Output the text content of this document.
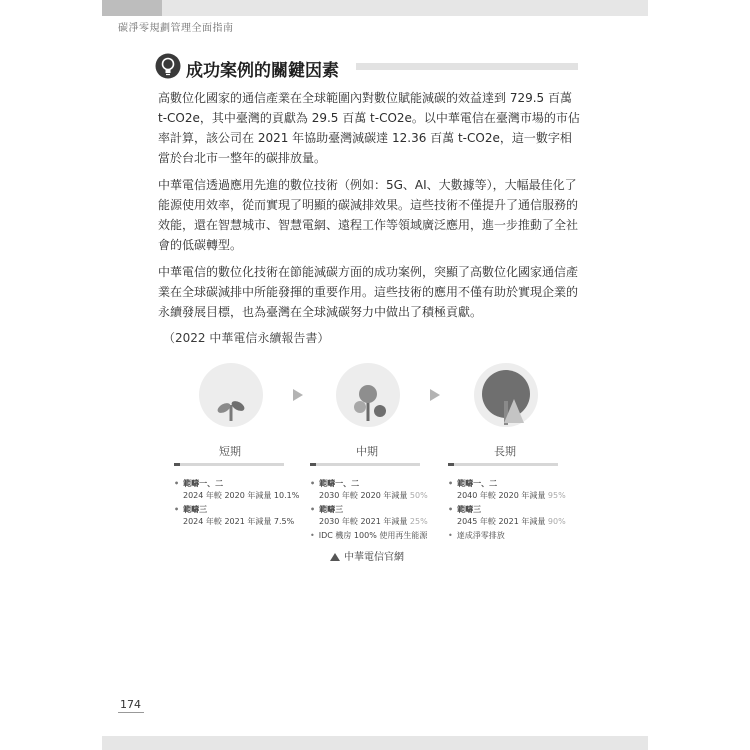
碳淨零規劃管理全面指南
成功案例的關鍵因素

高數位化國家的通信產業在全球範圍內對數位賦能減碳的效益達到 729.5 百萬 t-CO2e，其中臺灣的貢獻為 29.5 百萬 t-CO2e。以中華電信在臺灣市場的市佔率計算，該公司在 2021 年協助臺灣減碳達 12.36 百萬 t-CO2e，這一數字相當於台北市一整年的碳排放量。

中華電信透過應用先進的數位技術（例如：5G、AI、大數據等），大幅最佳化了能源使用效率，從而實現了明顯的碳減排效果。這些技術不僅提升了通信服務的效能，還在智慧城市、智慧電網、遠程工作等領域廣泛應用，進一步推動了全社會的低碳轉型。

中華電信的數位化技術在節能減碳方面的成功案例，突顯了高數位化國家通信產業在全球碳減排中所能發揮的重要作用。這些技術的應用不僅有助於實現企業的永續發展目標，也為臺灣在全球減碳努力中做出了積極貢獻。

（2022 中華電信永續報告書）
短期	中期	長期
• 範疇一、二
2024 年較 2020 年減量 10.1%
• 範疇三
2024 年較 2021 年減量 7.5%
• 範疇一、二
2030 年較 2020 年減量 50%
• 範疇三
2030 年較 2021 年減量 25%
• IDC 機房 100% 使用再生能源
• 範疇一、二
2040 年較 2020 年減量 95%
• 範疇三
2045 年較 2021 年減量 90%
• 達成淨零排放
中華電信官網
174
